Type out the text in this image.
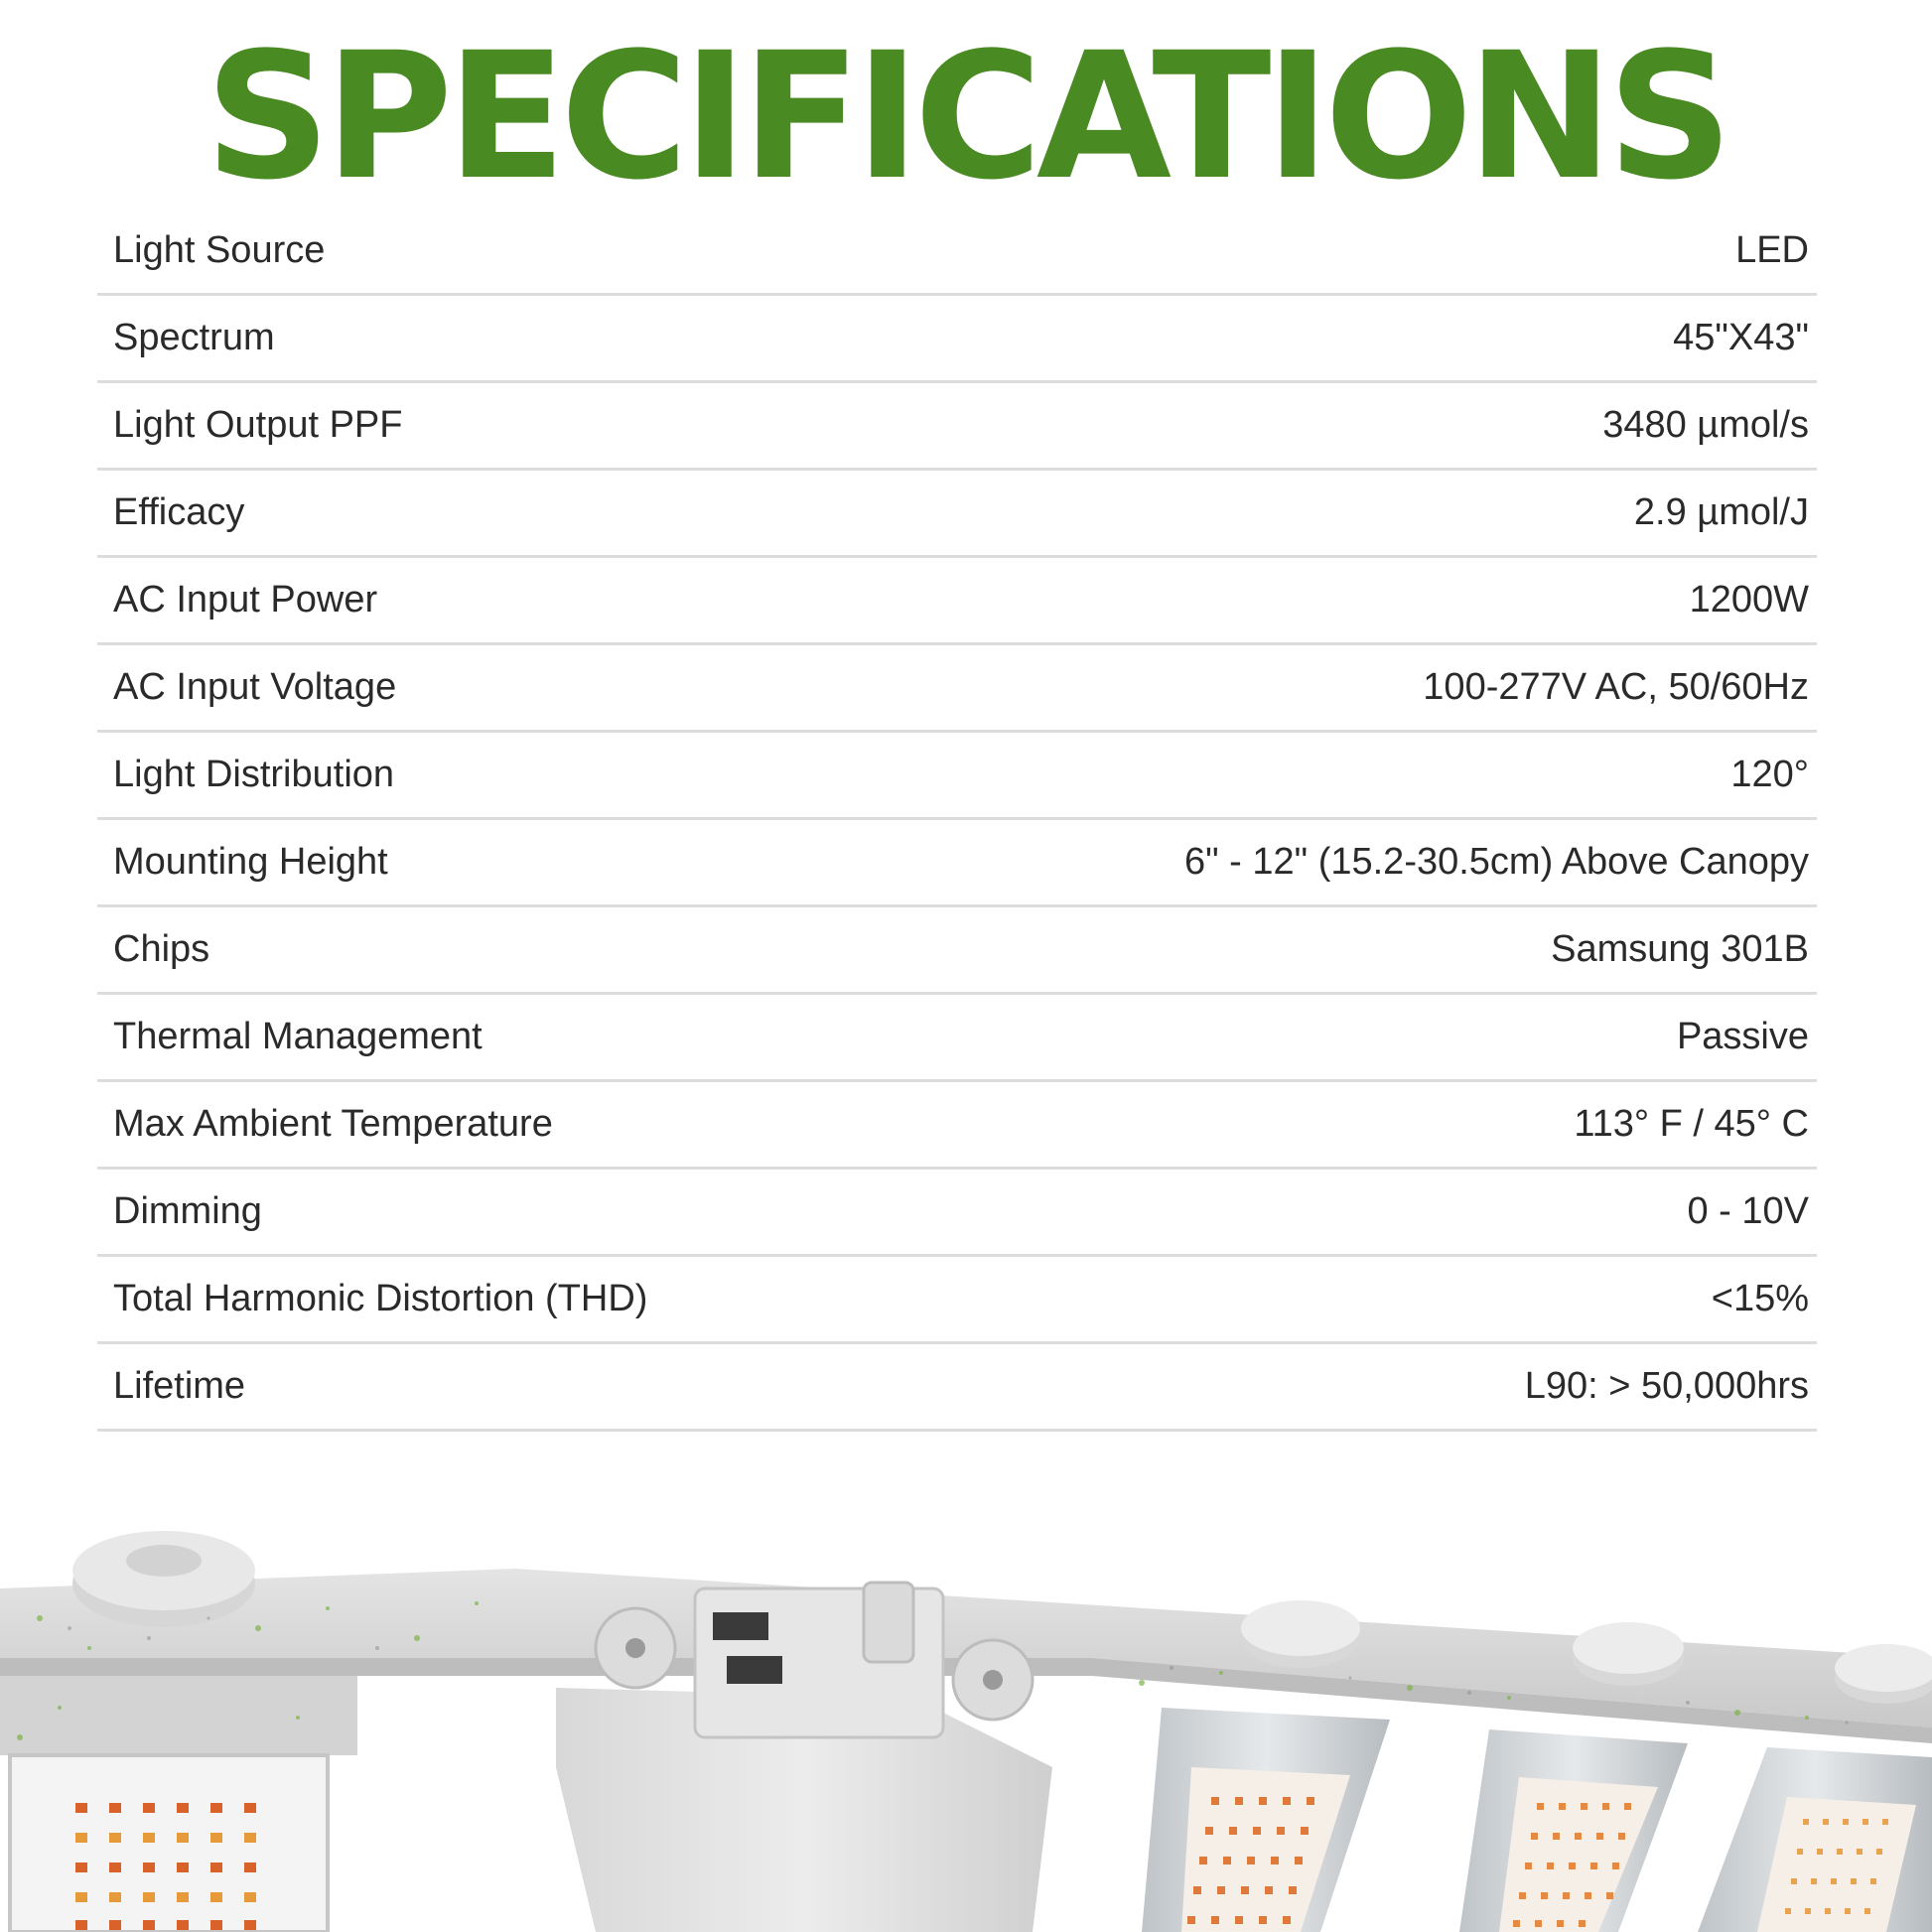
SPECIFICATIONS
Light Source	LED
Spectrum	45"X43"
Light Output PPF	3480 µmol/s
Efficacy	2.9 µmol/J
AC Input Power	1200W
AC Input Voltage	100-277V AC, 50/60Hz
Light Distribution	120°
Mounting Height	6" - 12" (15.2-30.5cm) Above Canopy
Chips	Samsung 301B
Thermal Management	Passive
Max Ambient Temperature	113° F / 45° C
Dimming	0 - 10V
Total Harmonic Distortion (THD)	<15%
Lifetime	L90: > 50,000hrs
